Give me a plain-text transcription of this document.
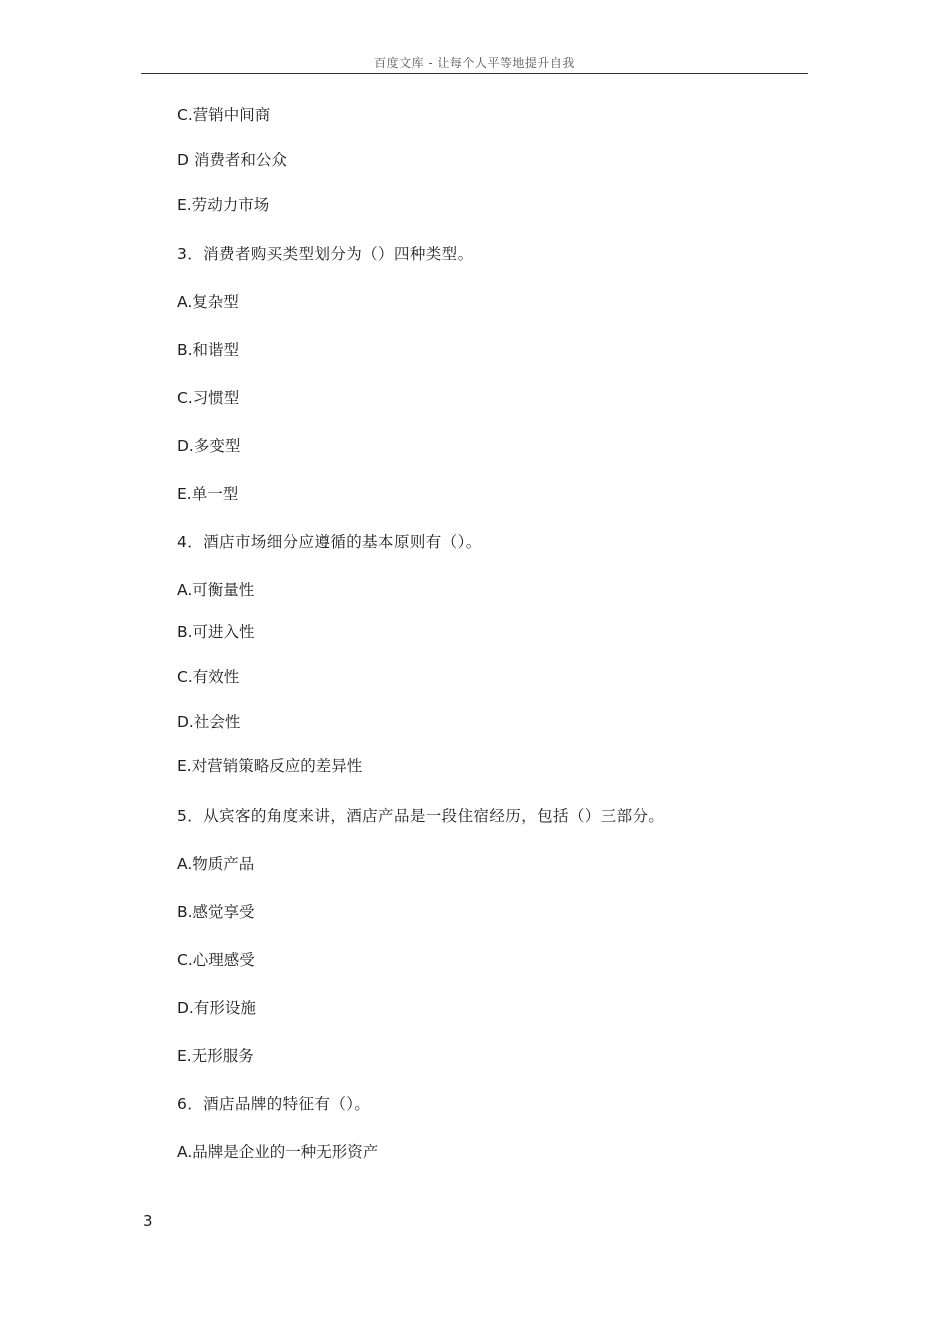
百度文库 - 让每个人平等地提升自我
C.营销中间商
D 消费者和公众
E.劳动力市场
3．消费者购买类型划分为（）四种类型。
A.复杂型
B.和谐型
C.习惯型
D.多变型
E.单一型
4．酒店市场细分应遵循的基本原则有（）。
A.可衡量性
B.可进入性
C.有效性
D.社会性
E.对营销策略反应的差异性
5．从宾客的角度来讲，酒店产品是一段住宿经历，包括（）三部分。
A.物质产品
B.感觉享受
C.心理感受
D.有形设施
E.无形服务
6．酒店品牌的特征有（）。
A.品牌是企业的一种无形资产
3
